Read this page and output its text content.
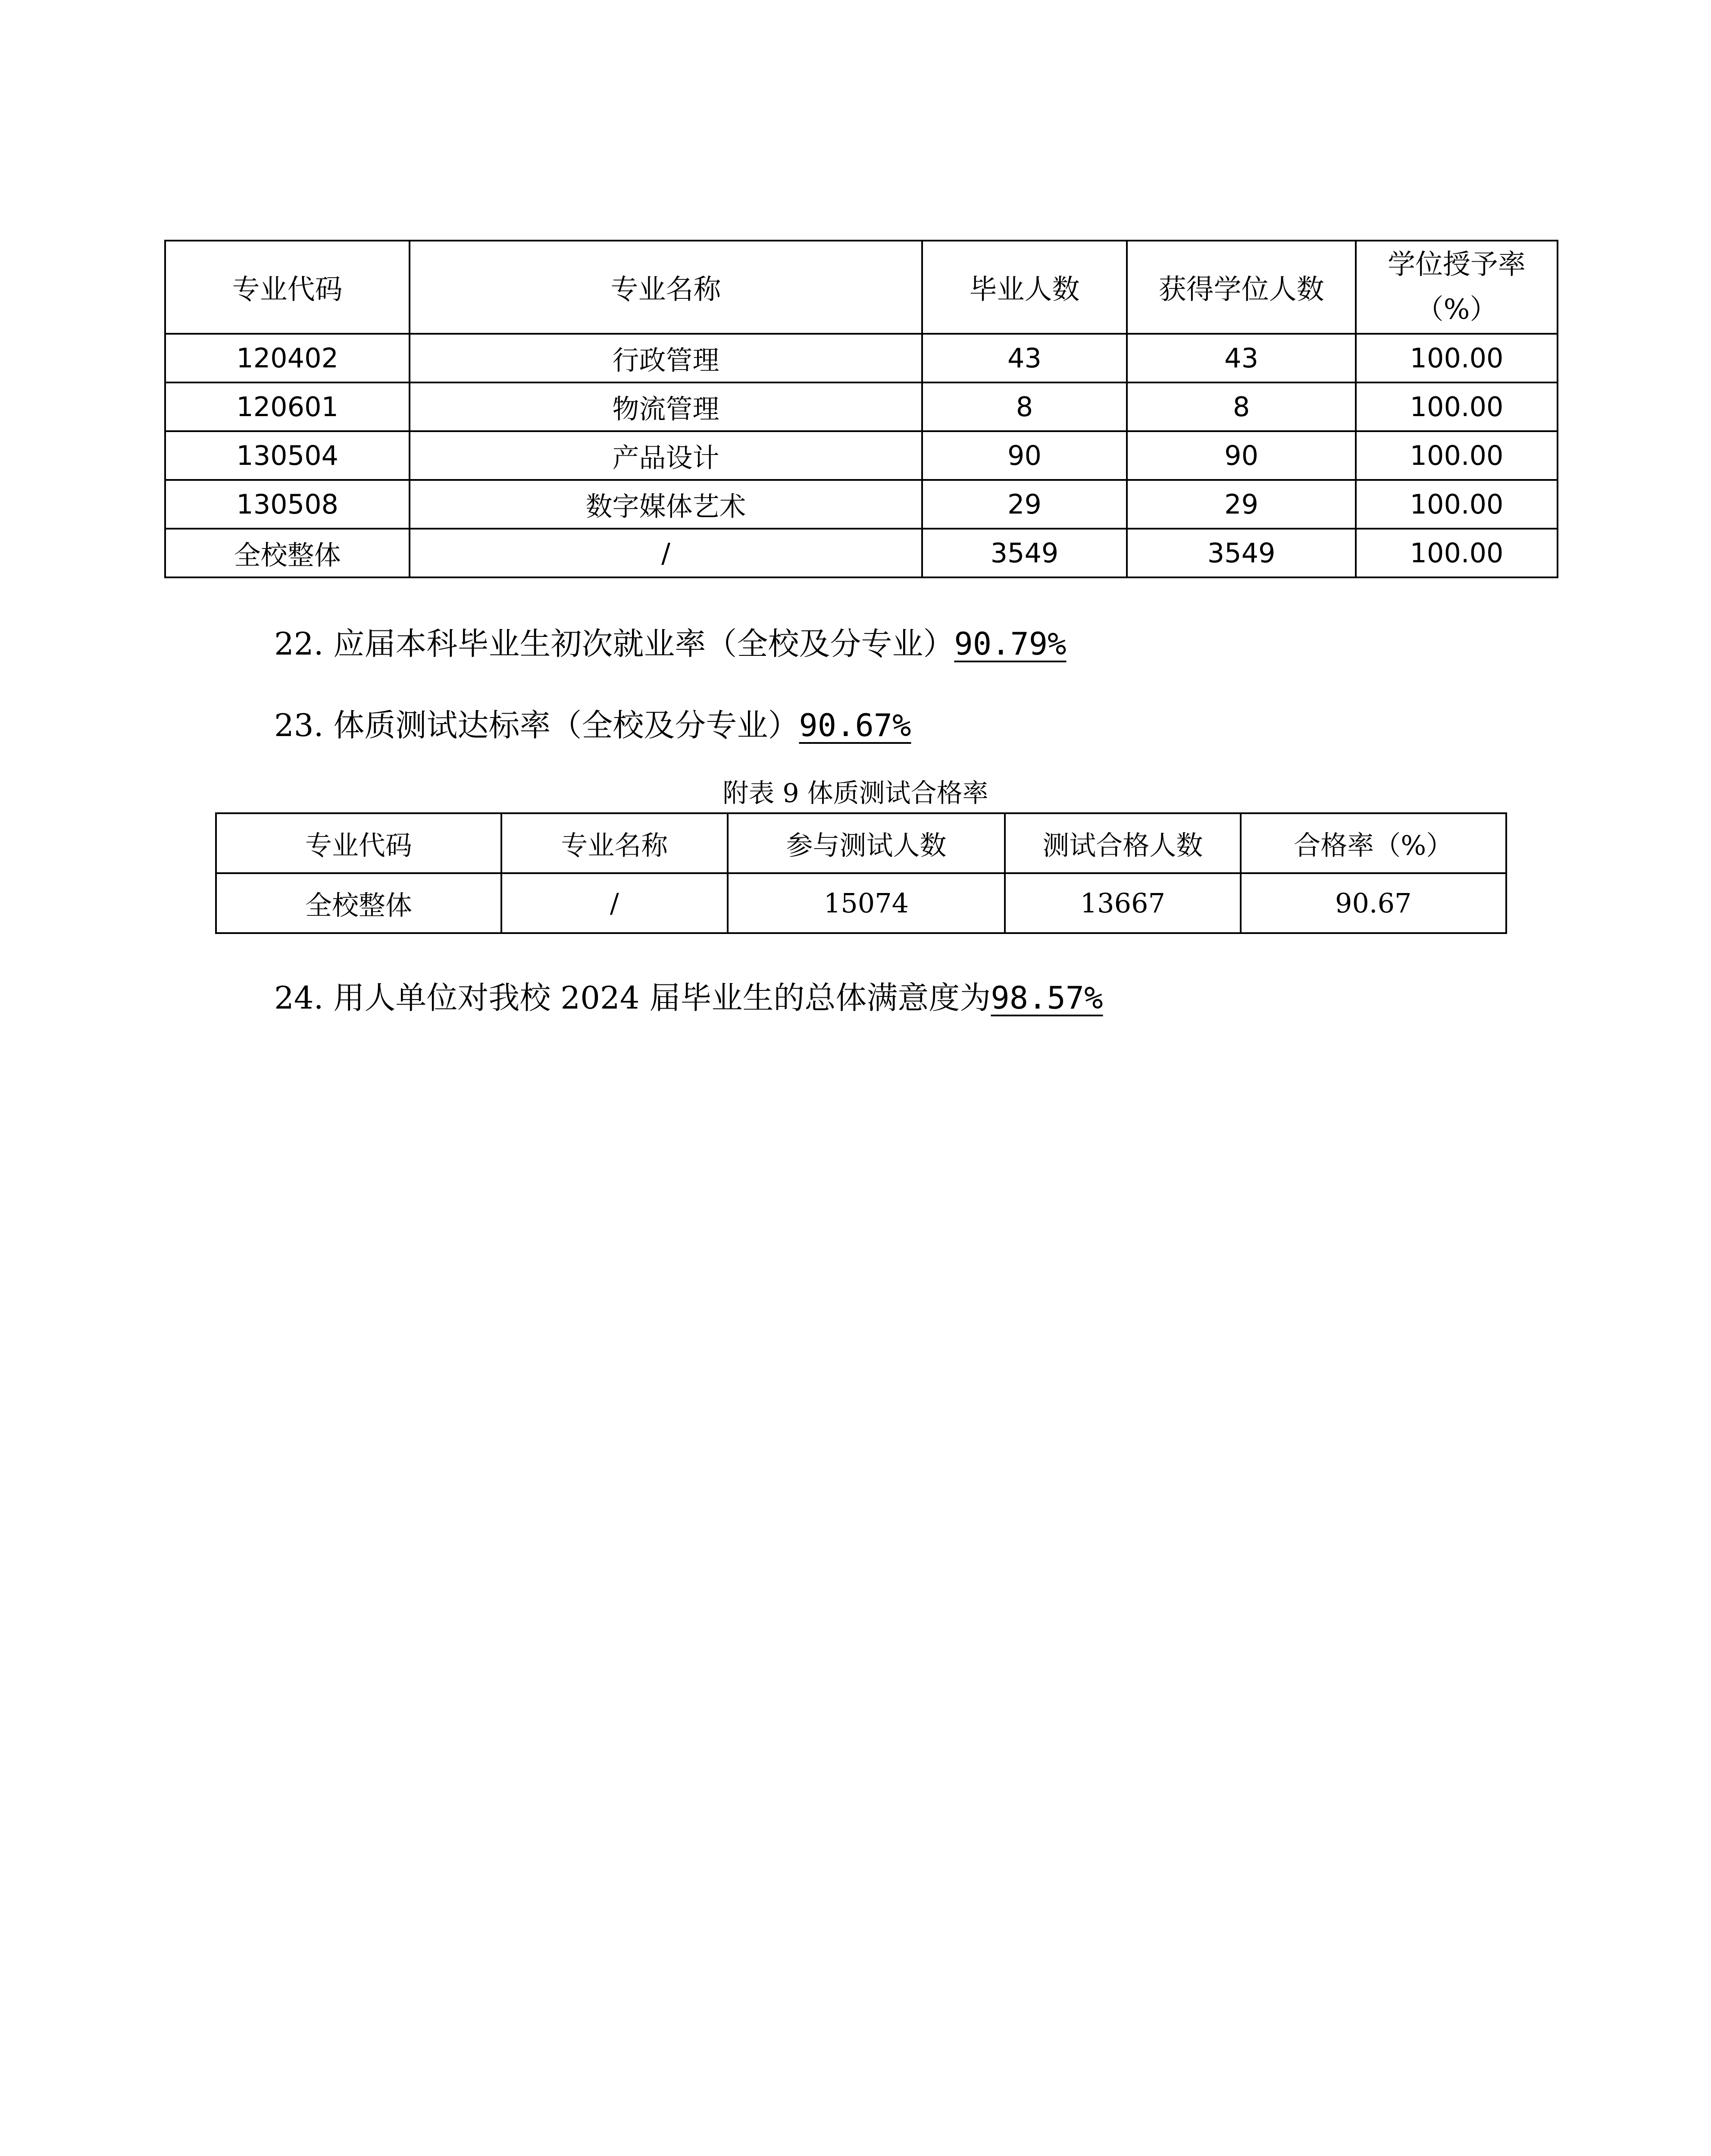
专业代码	专业名称	毕业人数	获得学位人数	学位授予率
（%）

120402	行政管理	43	43	100.00
120601	物流管理	8	8	100.00
130504	产品设计	90	90	100.00
130508	数字媒体艺术	29	29	100.00
全校整体	/	3549	3549	100.00
22. 应届本科毕业生初次就业率（全校及分专业）90.79%
23. 体质测试达标率（全校及分专业）90.67%
附表 9 体质测试合格率
专业代码	专业名称	参与测试人数	测试合格人数	合格率（%）
全校整体	/	15074	13667	90.67
24. 用人单位对我校 2024 届毕业生的总体满意度为98.57%
